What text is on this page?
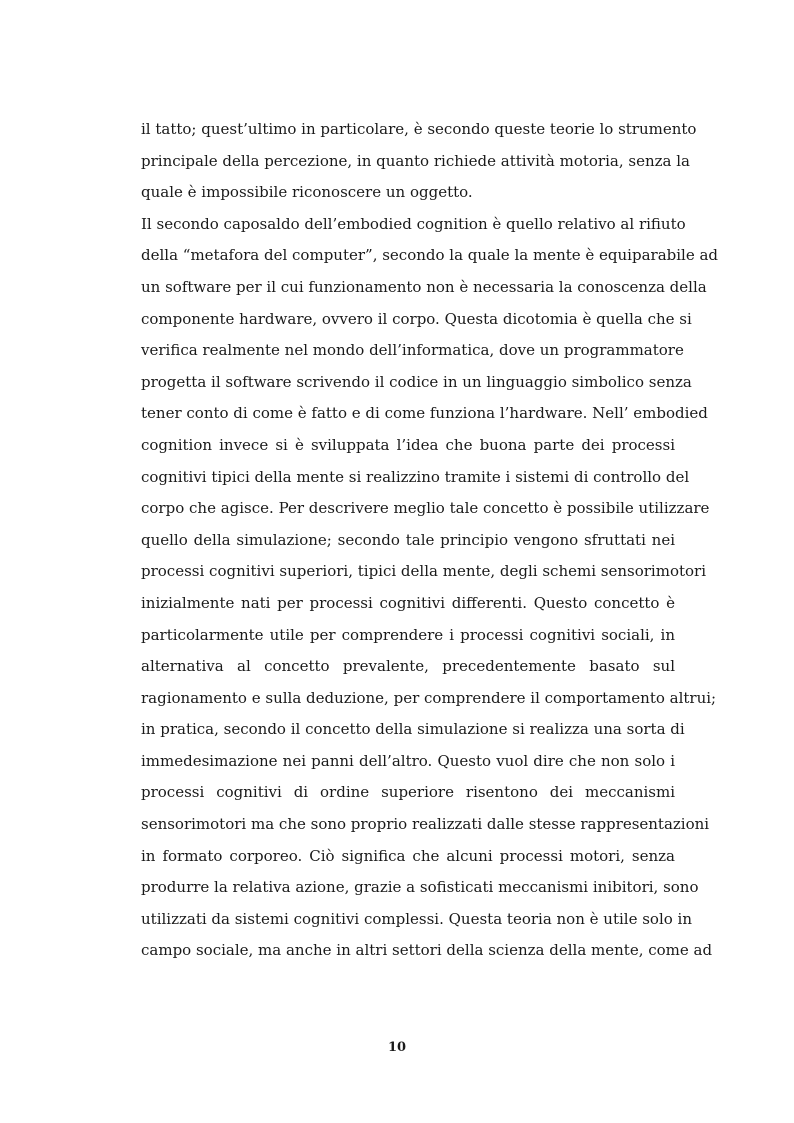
il tatto; quest’ultimo in particolare, è secondo queste teorie lo strumento
principale della percezione, in quanto richiede attività motoria, senza la
quale è impossibile riconoscere un oggetto.
Il secondo caposaldo dell’embodied cognition è quello relativo al rifiuto
della “metafora del computer”, secondo la quale la mente è equiparabile ad
un software per il cui funzionamento non è necessaria la conoscenza della
componente hardware, ovvero il corpo. Questa dicotomia è quella che si
verifica realmente nel mondo dell’informatica, dove un programmatore
progetta il software scrivendo il codice in un linguaggio simbolico senza
tener conto di come è fatto e di come funziona l’hardware. Nell’ embodied
cognition invece si è sviluppata l’idea che buona parte dei processi
cognitivi tipici della mente si realizzino tramite i sistemi di controllo del
corpo che agisce. Per descrivere meglio tale concetto è possibile utilizzare
quello della simulazione; secondo tale principio vengono sfruttati nei
processi cognitivi superiori, tipici della mente, degli schemi sensorimotori
inizialmente nati per processi cognitivi differenti. Questo concetto è
particolarmente utile per comprendere i processi cognitivi sociali, in
alternativa al concetto prevalente, precedentemente basato sul
ragionamento e sulla deduzione, per comprendere il comportamento altrui;
in pratica, secondo il concetto della simulazione si realizza una sorta di
immedesimazione nei panni dell’altro. Questo vuol dire che non solo i
processi cognitivi di ordine superiore risentono dei meccanismi
sensorimotori ma che sono proprio realizzati dalle stesse rappresentazioni
in formato corporeo. Ciò significa che alcuni processi motori, senza
produrre la relativa azione, grazie a sofisticati meccanismi inibitori, sono
utilizzati da sistemi cognitivi complessi. Questa teoria non è utile solo in
campo sociale, ma anche in altri settori della scienza della mente, come ad
10
